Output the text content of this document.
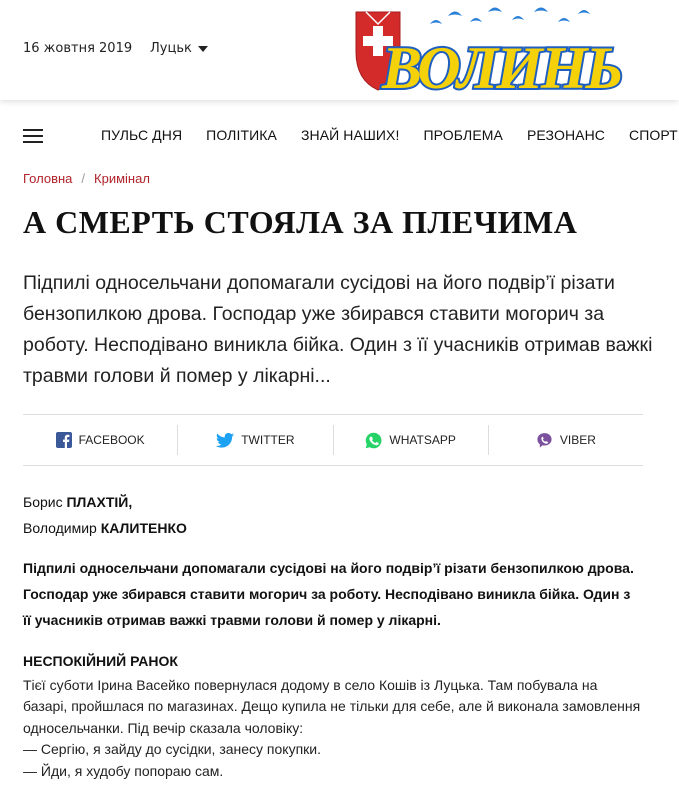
16 жовтня 2019 Луцьк	ВОЛИНЬ
ПУЛЬС ДНЯ ПОЛІТИКА ЗНАЙ НАШИХ! ПРОБЛЕМА РЕЗОНАНС СПОРТ
Головна / Кримінал
А СМЕРТЬ СТОЯЛА ЗА ПЛЕЧИМА

Підпилі односельчани допомагали сусідові на його подвір’ї різати бензопилкою дрова. Господар уже збирався ставити могорич за роботу. Несподівано виникла бійка. Один з її учасників отримав важкі травми голови й помер у лікарні...

FACEBOOK	TWITTER	WHATSAPP	VIBER
Борис ПЛАХТІЙ,
Володимир КАЛИТЕНКО

Підпилі односельчани допомагали сусідові на його подвір’ї різати бензопилкою дрова. Господар уже збирався ставити могорич за роботу. Несподівано виникла бійка. Один з її учасників отримав важкі травми голови й помер у лікарні.

НЕСПОКІЙНИЙ РАНОК

Тієї суботи Ірина Васейко повернулася додому в село Кошів із Луцька. Там побувала на базарі, пройшлася по магазинах. Дещо купила не тільки для себе, але й виконала замовлення односельчанки. Під вечір сказала чоловіку:

— Сергію, я зайду до сусідки, занесу покупки.

— Йди, я худобу попораю сам.
